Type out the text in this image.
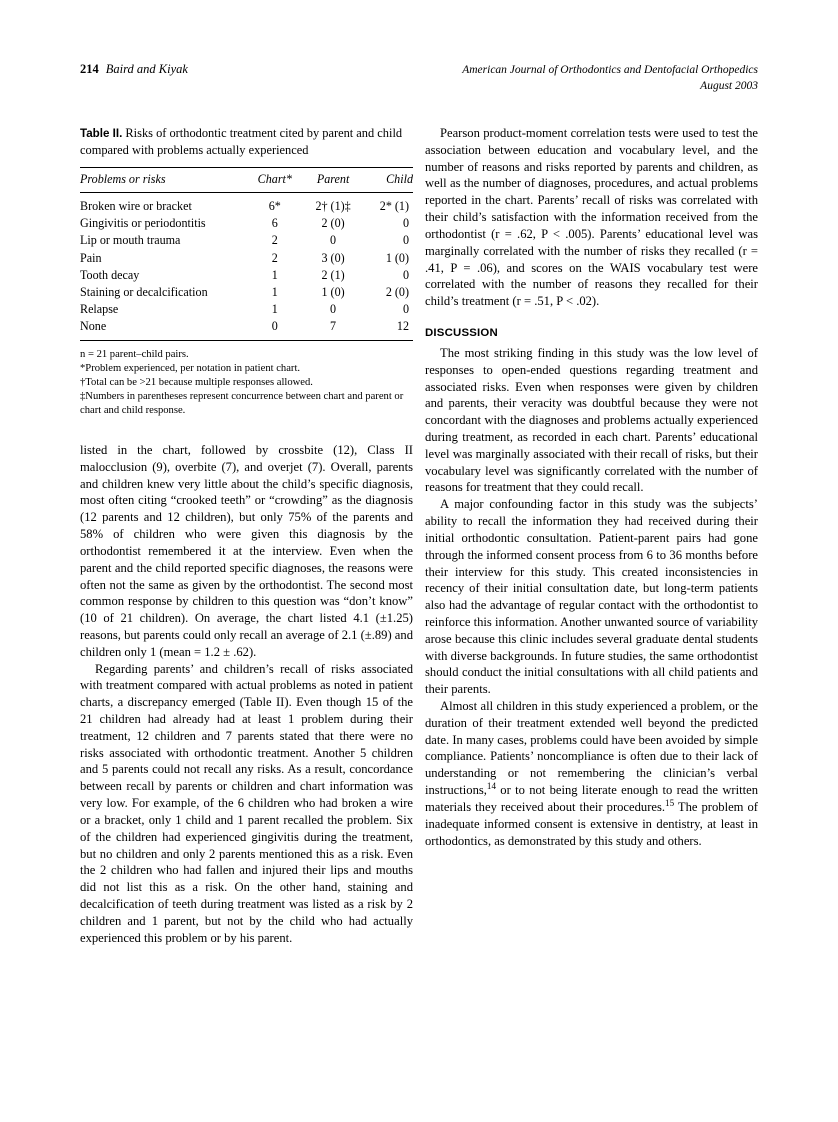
214 Baird and Kiyak	American Journal of Orthodontics and Dentofacial Orthopedics
August 2003

Table II. Risks of orthodontic treatment cited by parent and child compared with problems actually experienced

Problems or risks	Chart*	Parent	Child
Broken wire or bracket	6*	2† (1)‡	2* (1)
Gingivitis or periodontitis	6	2 (0)	0
Lip or mouth trauma	2	0	0
Pain	2	3 (0)	1 (0)
Tooth decay	1	2 (1)	0
Staining or decalcification	1	1 (0)	2 (0)
Relapse	1	0	0
None	0	7	12

n = 21 parent–child pairs.

*Problem experienced, per notation in patient chart.

†Total can be >21 because multiple responses allowed.

‡Numbers in parentheses represent concurrence between chart and parent or chart and child response.

listed in the chart, followed by crossbite (12), Class II malocclusion (9), overbite (7), and overjet (7). Overall, parents and children knew very little about the child’s specific diagnosis, most often citing “crooked teeth” or “crowding” as the diagnosis (12 parents and 12 children), but only 75% of the parents and 58% of children who were given this diagnosis by the orthodontist remembered it at the interview. Even when the parent and the child reported specific diagnoses, the reasons were often not the same as given by the orthodontist. The second most common response by children to this question was “don’t know” (10 of 21 children). On average, the chart listed 4.1 (±1.25) reasons, but parents could only recall an average of 2.1 (±.89) and children only 1 (mean = 1.2 ± .62).

Regarding parents’ and children’s recall of risks associated with treatment compared with actual problems as noted in patient charts, a discrepancy emerged (Table II). Even though 15 of the 21 children had already had at least 1 problem during their treatment, 12 children and 7 parents stated that there were no risks associated with orthodontic treatment. Another 5 children and 5 parents could not recall any risks. As a result, concordance between recall by parents or children and chart information was very low. For example, of the 6 children who had broken a wire or a bracket, only 1 child and 1 parent recalled the problem. Six of the children had experienced gingivitis during the treatment, but no children and only 2 parents mentioned this as a risk. Even the 2 children who had fallen and injured their lips and mouths did not list this as a risk. On the other hand, staining and decalcification of teeth during treatment was listed as a risk by 2 children and 1 parent, but not by the child who had actually experienced this problem or by his parent.

Pearson product-moment correlation tests were used to test the association between education and vocabulary level, and the number of reasons and risks reported by parents and children, as well as the number of diagnoses, procedures, and actual problems reported in the chart. Parents’ recall of risks was correlated with their child’s satisfaction with the information received from the orthodontist (r = .62, P < .005). Parents’ educational level was marginally correlated with the number of risks they recalled (r = .41, P = .06), and scores on the WAIS vocabulary test were correlated with the number of reasons they recalled for their child’s treatment (r = .51, P < .02).

DISCUSSION

The most striking finding in this study was the low level of responses to open-ended questions regarding treatment and associated risks. Even when responses were given by children and parents, their veracity was doubtful because they were not concordant with the diagnoses and problems actually experienced during treatment, as recorded in each chart. Parents’ educational level was marginally associated with their recall of risks, but their vocabulary level was significantly correlated with the number of reasons for treatment that they could recall.

A major confounding factor in this study was the subjects’ ability to recall the information they had received during their initial orthodontic consultation. Patient-parent pairs had gone through the informed consent process from 6 to 36 months before their interview for this study. This created inconsistencies in recency of their initial consultation date, but long-term patients also had the advantage of regular contact with the orthodontist to reinforce this information. Another unwanted source of variability arose because this clinic includes several graduate dental students with diverse backgrounds. In future studies, the same orthodontist should conduct the initial consultations with all child patients and their parents.

Almost all children in this study experienced a problem, or the duration of their treatment extended well beyond the predicted date. In many cases, problems could have been avoided by simple compliance. Patients’ noncompliance is often due to their lack of understanding or not remembering the clinician’s verbal instructions,$^{14}$ or to not being literate enough to read the written materials they received about their procedures.$^{15}$ The problem of inadequate informed consent is extensive in dentistry, at least in orthodontics, as demonstrated by this study and others.
